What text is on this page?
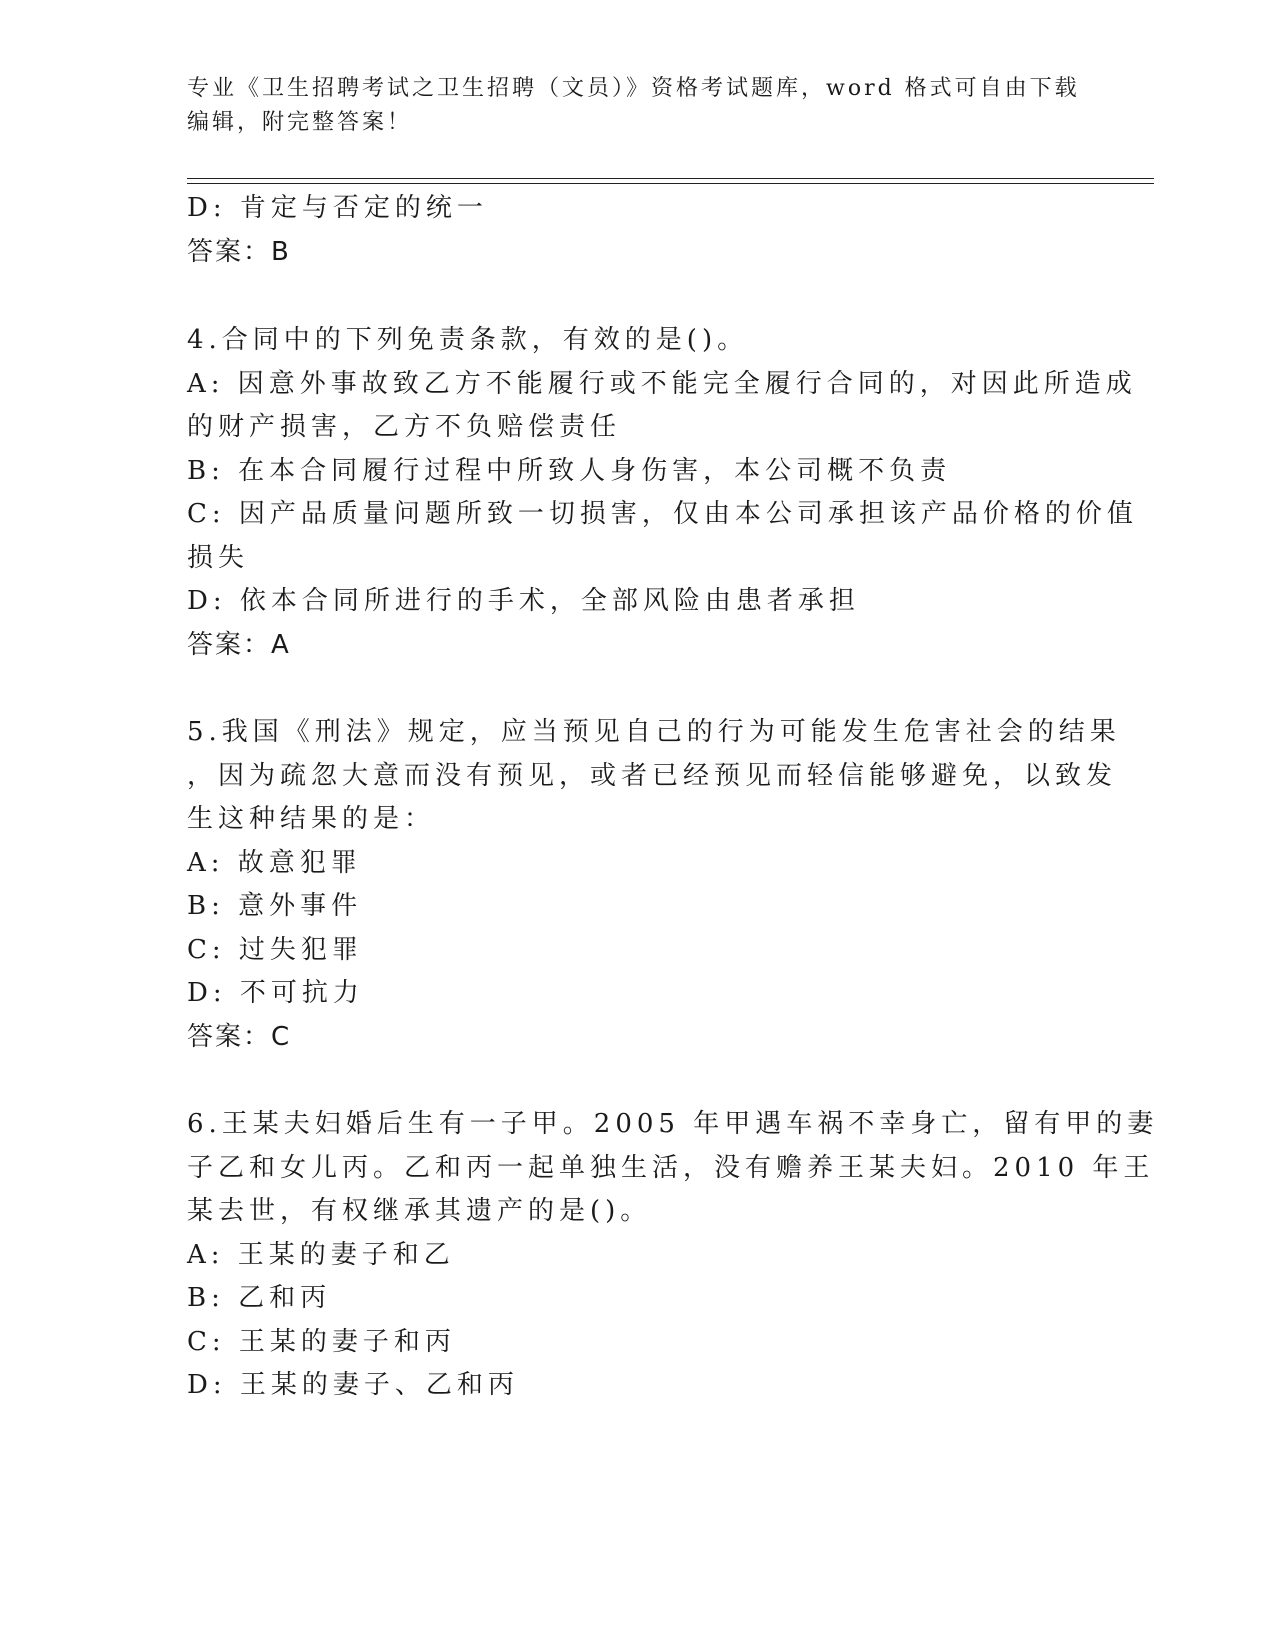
专业《卫生招聘考试之卫生招聘（文员）》资格考试题库，word 格式可自由下载
编辑，附完整答案！
D: 肯定与否定的统一
答案：B
4.合同中的下列免责条款，有效的是()。
A: 因意外事故致乙方不能履行或不能完全履行合同的，对因此所造成
的财产损害，乙方不负赔偿责任
B: 在本合同履行过程中所致人身伤害，本公司概不负责
C: 因产品质量问题所致一切损害，仅由本公司承担该产品价格的价值
损失
D: 依本合同所进行的手术，全部风险由患者承担
答案：A
5.我国《刑法》规定，应当预见自己的行为可能发生危害社会的结果
，因为疏忽大意而没有预见，或者已经预见而轻信能够避免，以致发
生这种结果的是：
A: 故意犯罪
B: 意外事件
C: 过失犯罪
D: 不可抗力
答案：C
6.王某夫妇婚后生有一子甲。2005 年甲遇车祸不幸身亡，留有甲的妻
子乙和女儿丙。乙和丙一起单独生活，没有赡养王某夫妇。2010 年王
某去世，有权继承其遗产的是()。
A: 王某的妻子和乙
B: 乙和丙
C: 王某的妻子和丙
D: 王某的妻子、乙和丙
